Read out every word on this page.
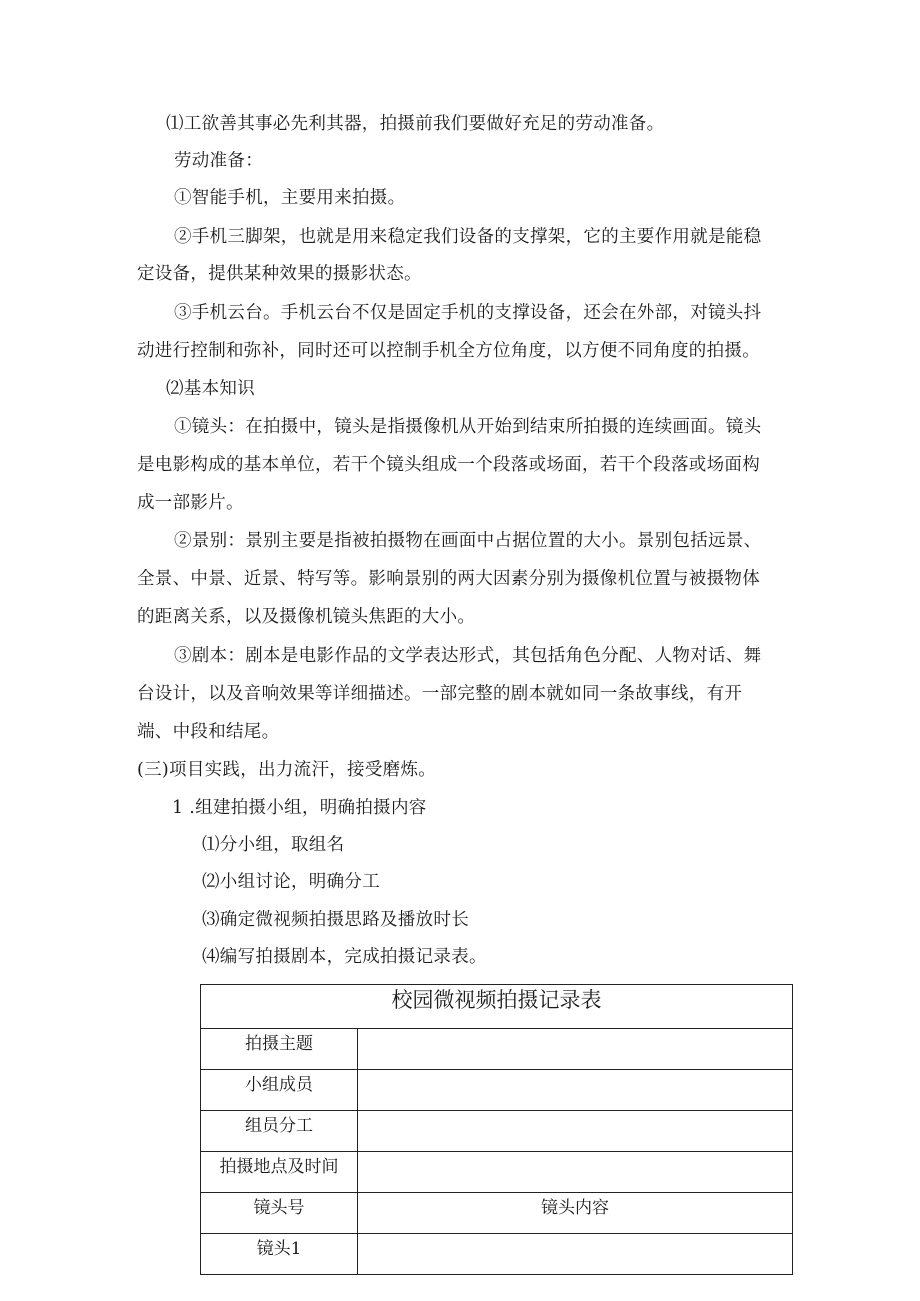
⑴工欲善其事必先利其器，拍摄前我们要做好充足的劳动准备。
劳动准备：
①智能手机，主要用来拍摄。
②手机三脚架，也就是用来稳定我们设备的支撑架，它的主要作用就是能稳
定设备，提供某种效果的摄影状态。
③手机云台。手机云台不仅是固定手机的支撑设备，还会在外部，对镜头抖
动进行控制和弥补，同时还可以控制手机全方位角度，以方便不同角度的拍摄。
⑵基本知识
①镜头：在拍摄中，镜头是指摄像机从开始到结束所拍摄的连续画面。镜头
是电影构成的基本单位，若干个镜头组成一个段落或场面，若干个段落或场面构
成一部影片。
②景别：景别主要是指被拍摄物在画面中占据位置的大小。景别包括远景、
全景、中景、近景、特写等。影响景别的两大因素分别为摄像机位置与被摄物体
的距离关系，以及摄像机镜头焦距的大小。
③剧本：剧本是电影作品的文学表达形式，其包括角色分配、人物对话、舞
台设计，以及音响效果等详细描述。一部完整的剧本就如同一条故事线，有开
端、中段和结尾。
(三)项目实践，出力流汗，接受磨炼。
1 .组建拍摄小组，明确拍摄内容
⑴分小组，取组名
⑵小组讨论，明确分工
⑶确定微视频拍摄思路及播放时长
⑷编写拍摄剧本，完成拍摄记录表。
校园微视频拍摄记录表	

拍摄主题	

小组成员	

组员分工	

拍摄地点及时间	

镜头号	镜头内容

镜头1	
